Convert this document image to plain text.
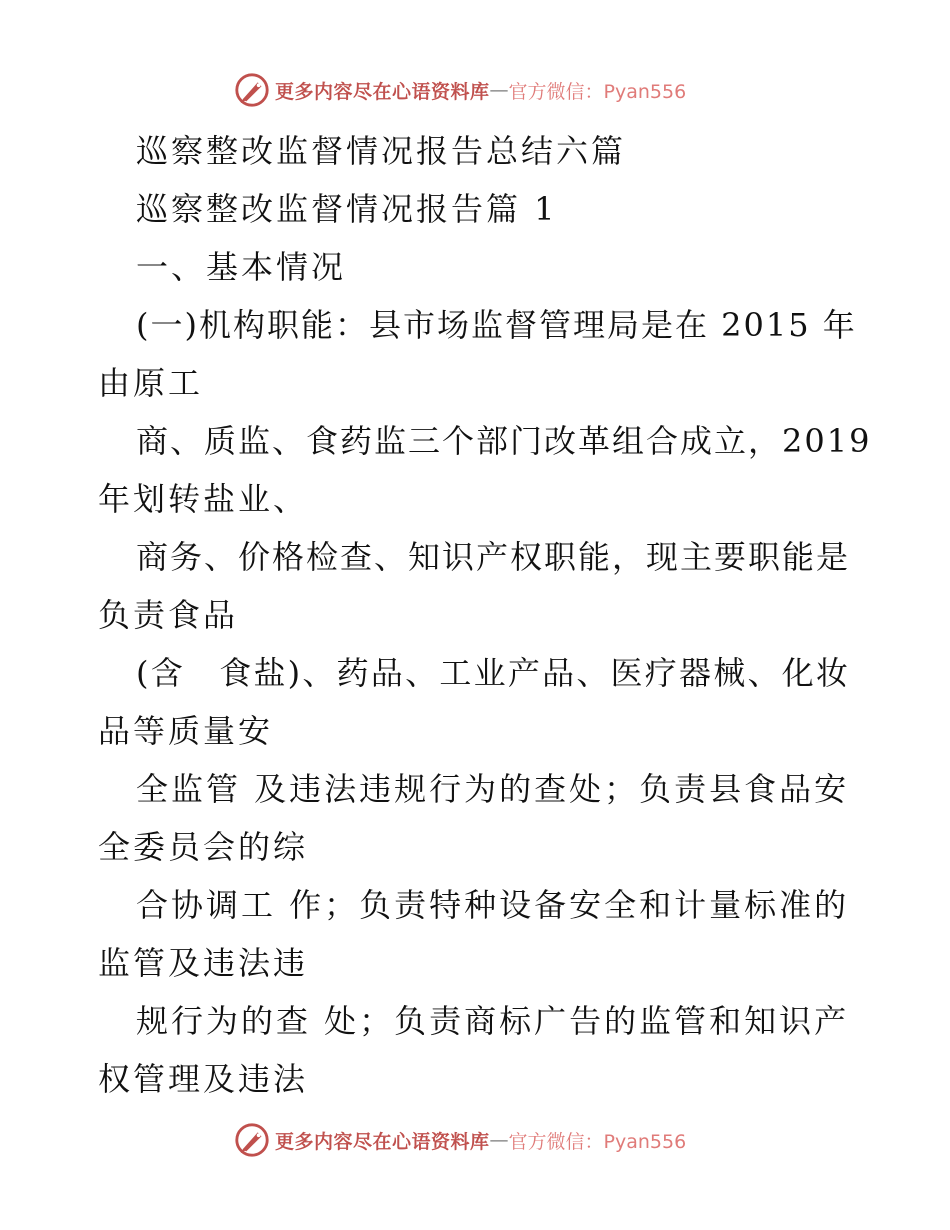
更多内容尽在心语资料库 — 官方微信：Pyan556
巡察整改监督情况报告总结六篇
巡察整改监督情况报告篇 1
一、基本情况
(一)机构职能：县市场监督管理局是在 2015 年
由原工
商、质监、食药监三个部门改革组合成立，2019
年划转盐业、
商务、价格检查、知识产权职能，现主要职能是
负责食品
(含　食盐)、药品、工业产品、医疗器械、化妆
品等质量安
全监管 及违法违规行为的查处；负责县食品安
全委员会的综
合协调工 作；负责特种设备安全和计量标准的
监管及违法违
规行为的查 处；负责商标广告的监管和知识产
权管理及违法
更多内容尽在心语资料库 — 官方微信：Pyan556
